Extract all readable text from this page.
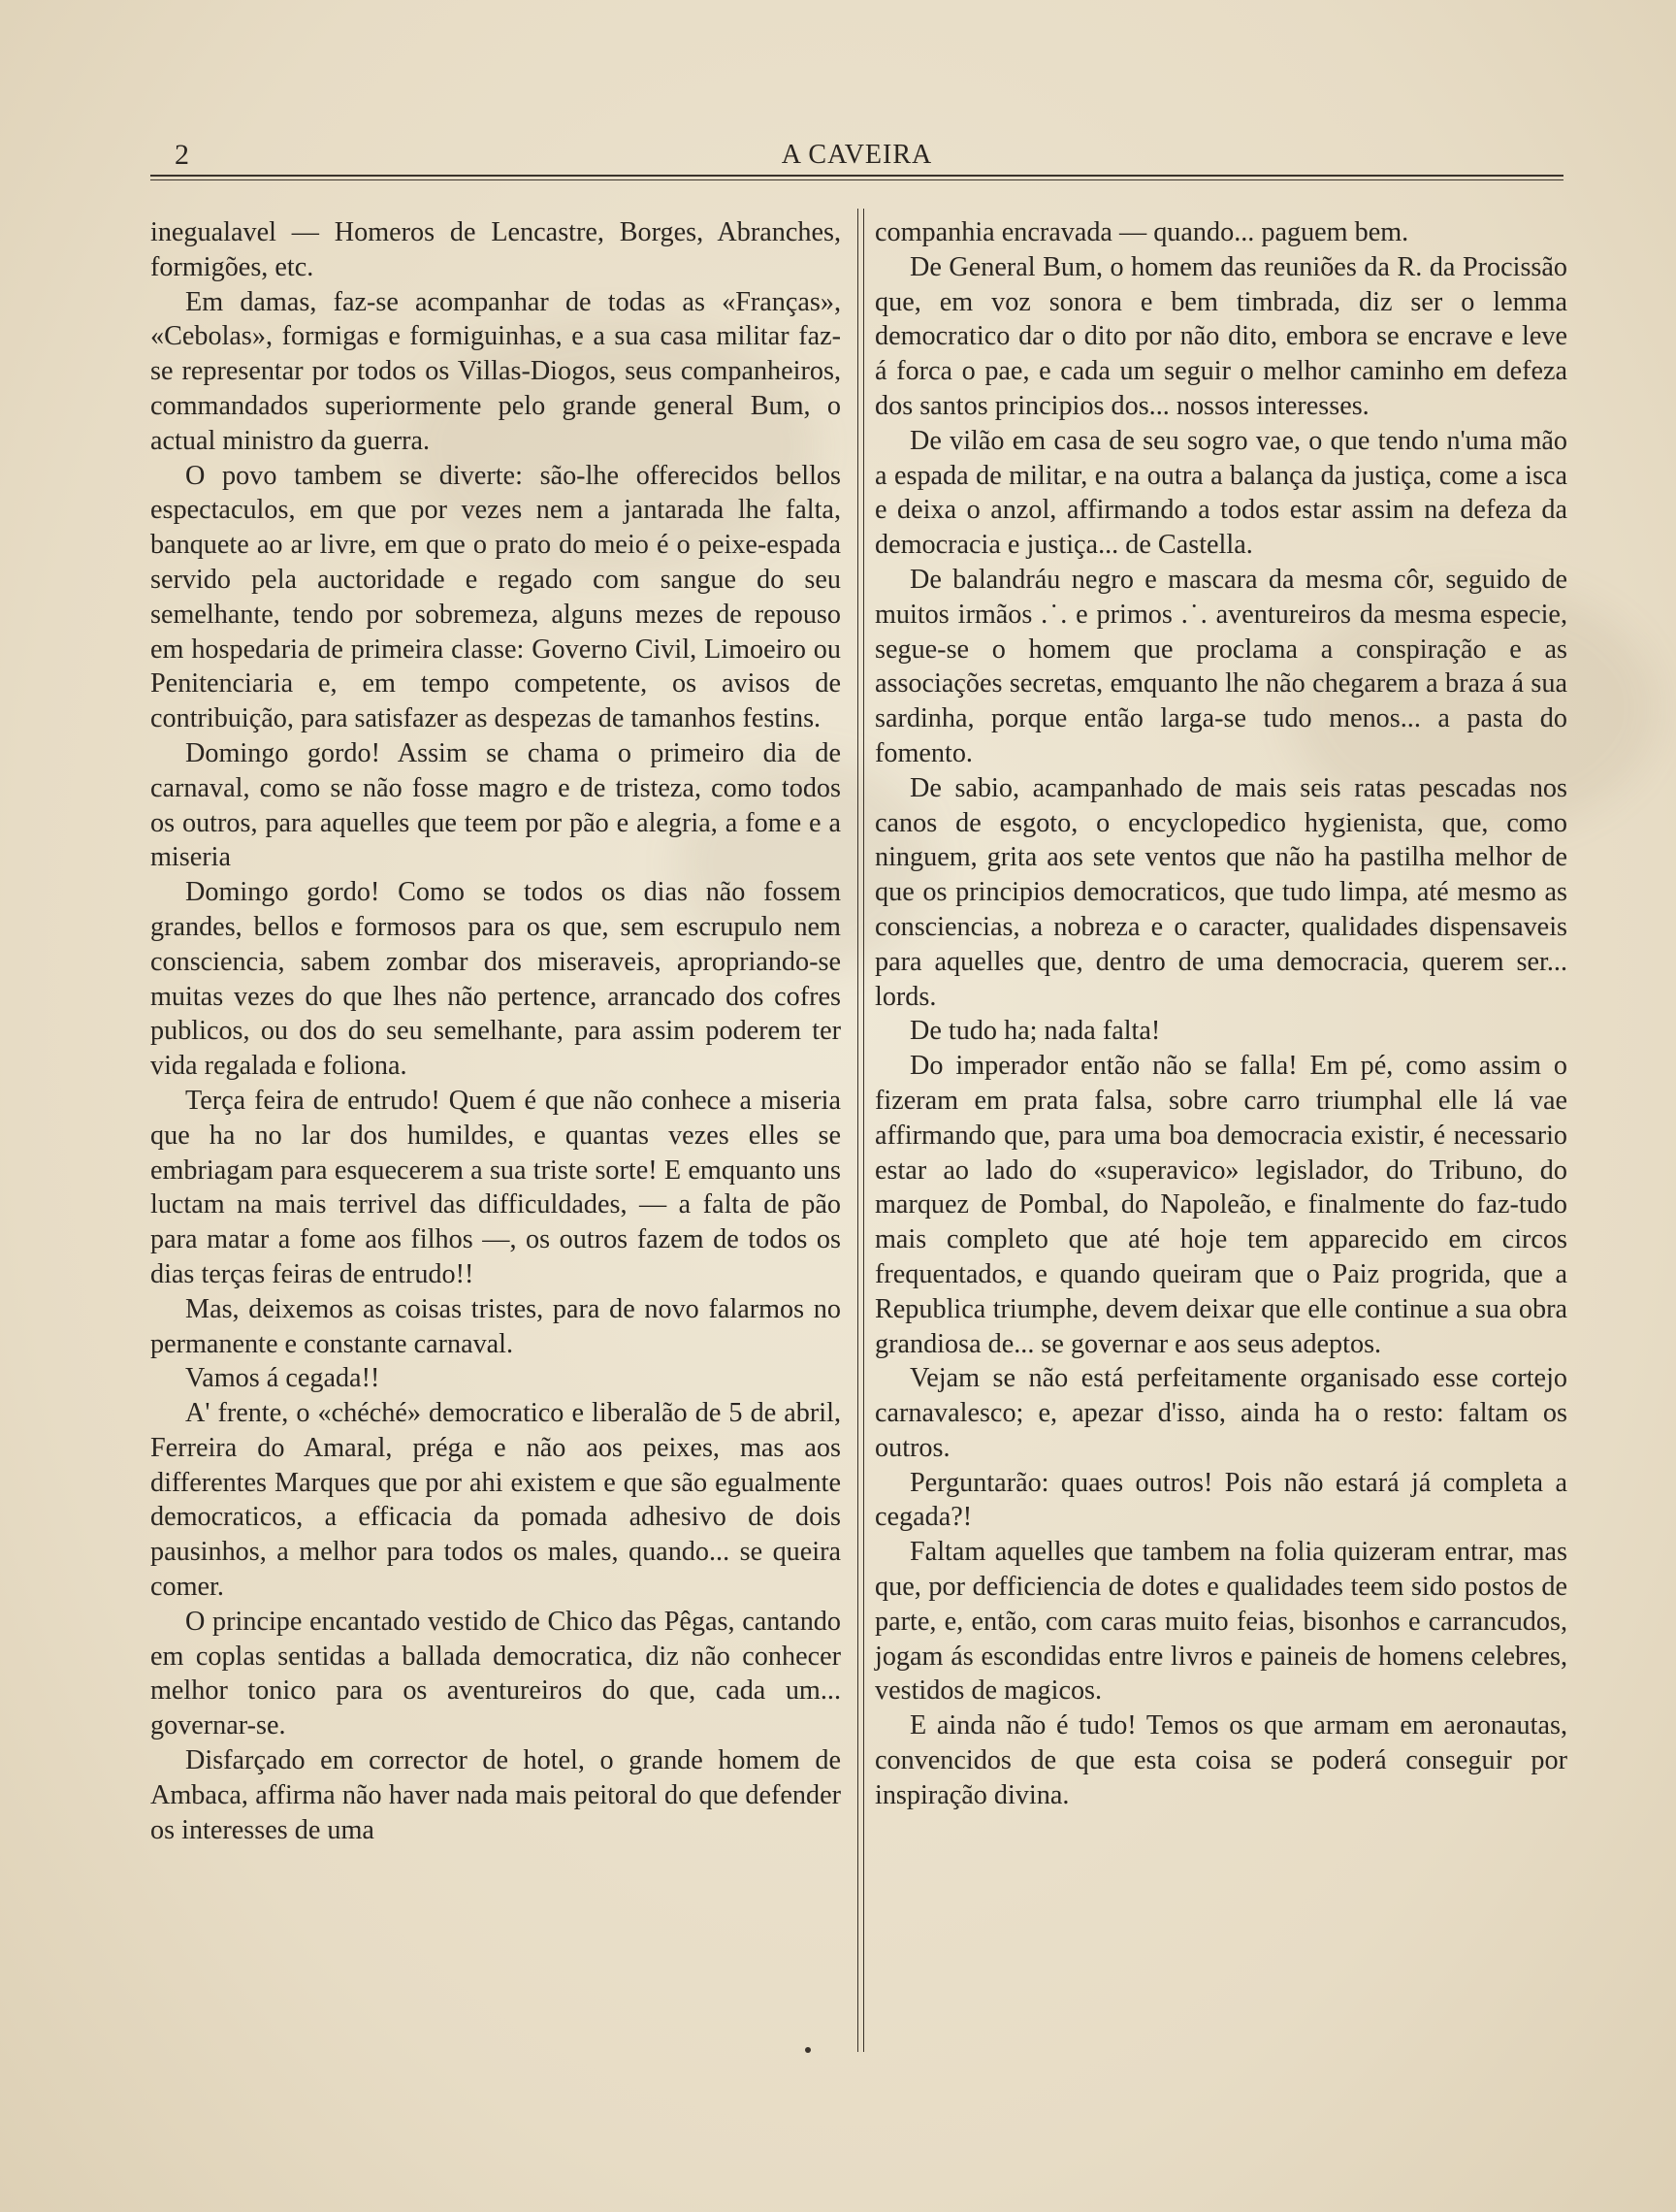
2	A CAVEIRA

inegualavel — Homeros de Lencastre, Borges, Abranches, formigões, etc.

Em damas, faz-se acompanhar de todas as «Franças», «Cebolas», formigas e formiguinhas, e a sua casa militar faz-se representar por todos os Villas-Diogos, seus companheiros, commandados superiormente pelo grande general Bum, o actual ministro da guerra.

O povo tambem se diverte: são-lhe offerecidos bellos espectaculos, em que por vezes nem a jantarada lhe falta, banquete ao ar livre, em que o prato do meio é o peixe-espada servido pela auctoridade e regado com sangue do seu semelhante, tendo por sobremeza, alguns mezes de repouso em hospedaria de primeira classe: Governo Civil, Limoeiro ou Penitenciaria e, em tempo competente, os avisos de contribuição, para satisfazer as despezas de tamanhos festins.

Domingo gordo! Assim se chama o primeiro dia de carnaval, como se não fosse magro e de tristeza, como todos os outros, para aquelles que teem por pão e alegria, a fome e a miseria

Domingo gordo! Como se todos os dias não fossem grandes, bellos e formosos para os que, sem escrupulo nem consciencia, sabem zombar dos miseraveis, apropriando-se muitas vezes do que lhes não pertence, arrancado dos cofres publicos, ou dos do seu semelhante, para assim poderem ter vida regalada e foliona.

Terça feira de entrudo! Quem é que não conhece a miseria que ha no lar dos humildes, e quantas vezes elles se embriagam para esquecerem a sua triste sorte! E emquanto uns luctam na mais terrivel das difficuldades, — a falta de pão para matar a fome aos filhos —, os outros fazem de todos os dias terças feiras de entrudo!!

Mas, deixemos as coisas tristes, para de novo falarmos no permanente e constante carnaval.

Vamos á cegada!!

A' frente, o «chéché» democratico e liberalão de 5 de abril, Ferreira do Amaral, préga e não aos peixes, mas aos differentes Marques que por ahi existem e que são egualmente democraticos, a efficacia da pomada adhesivo de dois pausinhos, a melhor para todos os males, quando... se queira comer.

O principe encantado vestido de Chico das Pêgas, cantando em coplas sentidas a ballada democratica, diz não conhecer melhor tonico para os aventureiros do que, cada um... governar-se.

Disfarçado em corrector de hotel, o grande homem de Ambaca, affirma não haver nada mais peitoral do que defender os interesses de uma

companhia encravada — quando... paguem bem.

De General Bum, o homem das reuniões da R. da Procissão que, em voz sonora e bem timbrada, diz ser o lemma democratico dar o dito por não dito, embora se encrave e leve á forca o pae, e cada um seguir o melhor caminho em defeza dos santos principios dos... nossos interesses.

De vilão em casa de seu sogro vae, o que tendo n'uma mão a espada de militar, e na outra a balança da justiça, come a isca e deixa o anzol, affirmando a todos estar assim na defeza da democracia e justiça... de Castella.

De balandráu negro e mascara da mesma côr, seguido de muitos irmãos .˙. e primos .˙. aventureiros da mesma especie, segue-se o homem que proclama a conspiração e as associações secretas, emquanto lhe não chegarem a braza á sua sardinha, porque então larga-se tudo menos... a pasta do fomento.

De sabio, acampanhado de mais seis ratas pescadas nos canos de esgoto, o encyclopedico hygienista, que, como ninguem, grita aos sete ventos que não ha pastilha melhor de que os principios democraticos, que tudo limpa, até mesmo as consciencias, a nobreza e o caracter, qualidades dispensaveis para aquelles que, dentro de uma democracia, querem ser... lords.

De tudo ha; nada falta!

Do imperador então não se falla! Em pé, como assim o fizeram em prata falsa, sobre carro triumphal elle lá vae affirmando que, para uma boa democracia existir, é necessario estar ao lado do «superavico» legislador, do Tribuno, do marquez de Pombal, do Napoleão, e finalmente do faz-tudo mais completo que até hoje tem apparecido em circos frequentados, e quando queiram que o Paiz progrida, que a Republica triumphe, devem deixar que elle continue a sua obra grandiosa de... se governar e aos seus adeptos.

Vejam se não está perfeitamente organisado esse cortejo carnavalesco; e, apezar d'isso, ainda ha o resto: faltam os outros.

Perguntarão: quaes outros! Pois não estará já completa a cegada?!

Faltam aquelles que tambem na folia quizeram entrar, mas que, por defficiencia de dotes e qualidades teem sido postos de parte, e, então, com caras muito feias, bisonhos e carrancudos, jogam ás escondidas entre livros e paineis de homens celebres, vestidos de magicos.

E ainda não é tudo! Temos os que armam em aeronautas, convencidos de que esta coisa se poderá conseguir por inspiração divina.
